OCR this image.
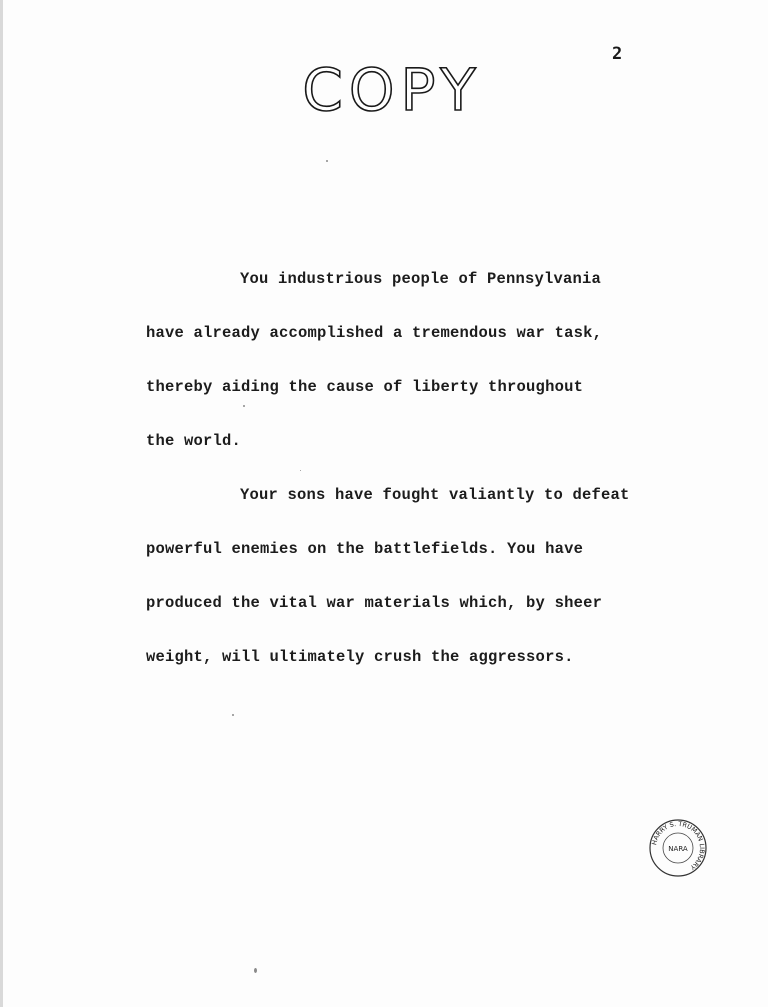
2
COPY
You industrious people of Pennsylvania
have already accomplished a tremendous war task,
thereby aiding the cause of liberty throughout
the world.
Your sons have fought valiantly to defeat
powerful enemies on the battlefields. You have
produced the vital war materials which, by sheer
weight, will ultimately crush the aggressors.
HARRY S. TRUMAN LIBRARY
NARA
